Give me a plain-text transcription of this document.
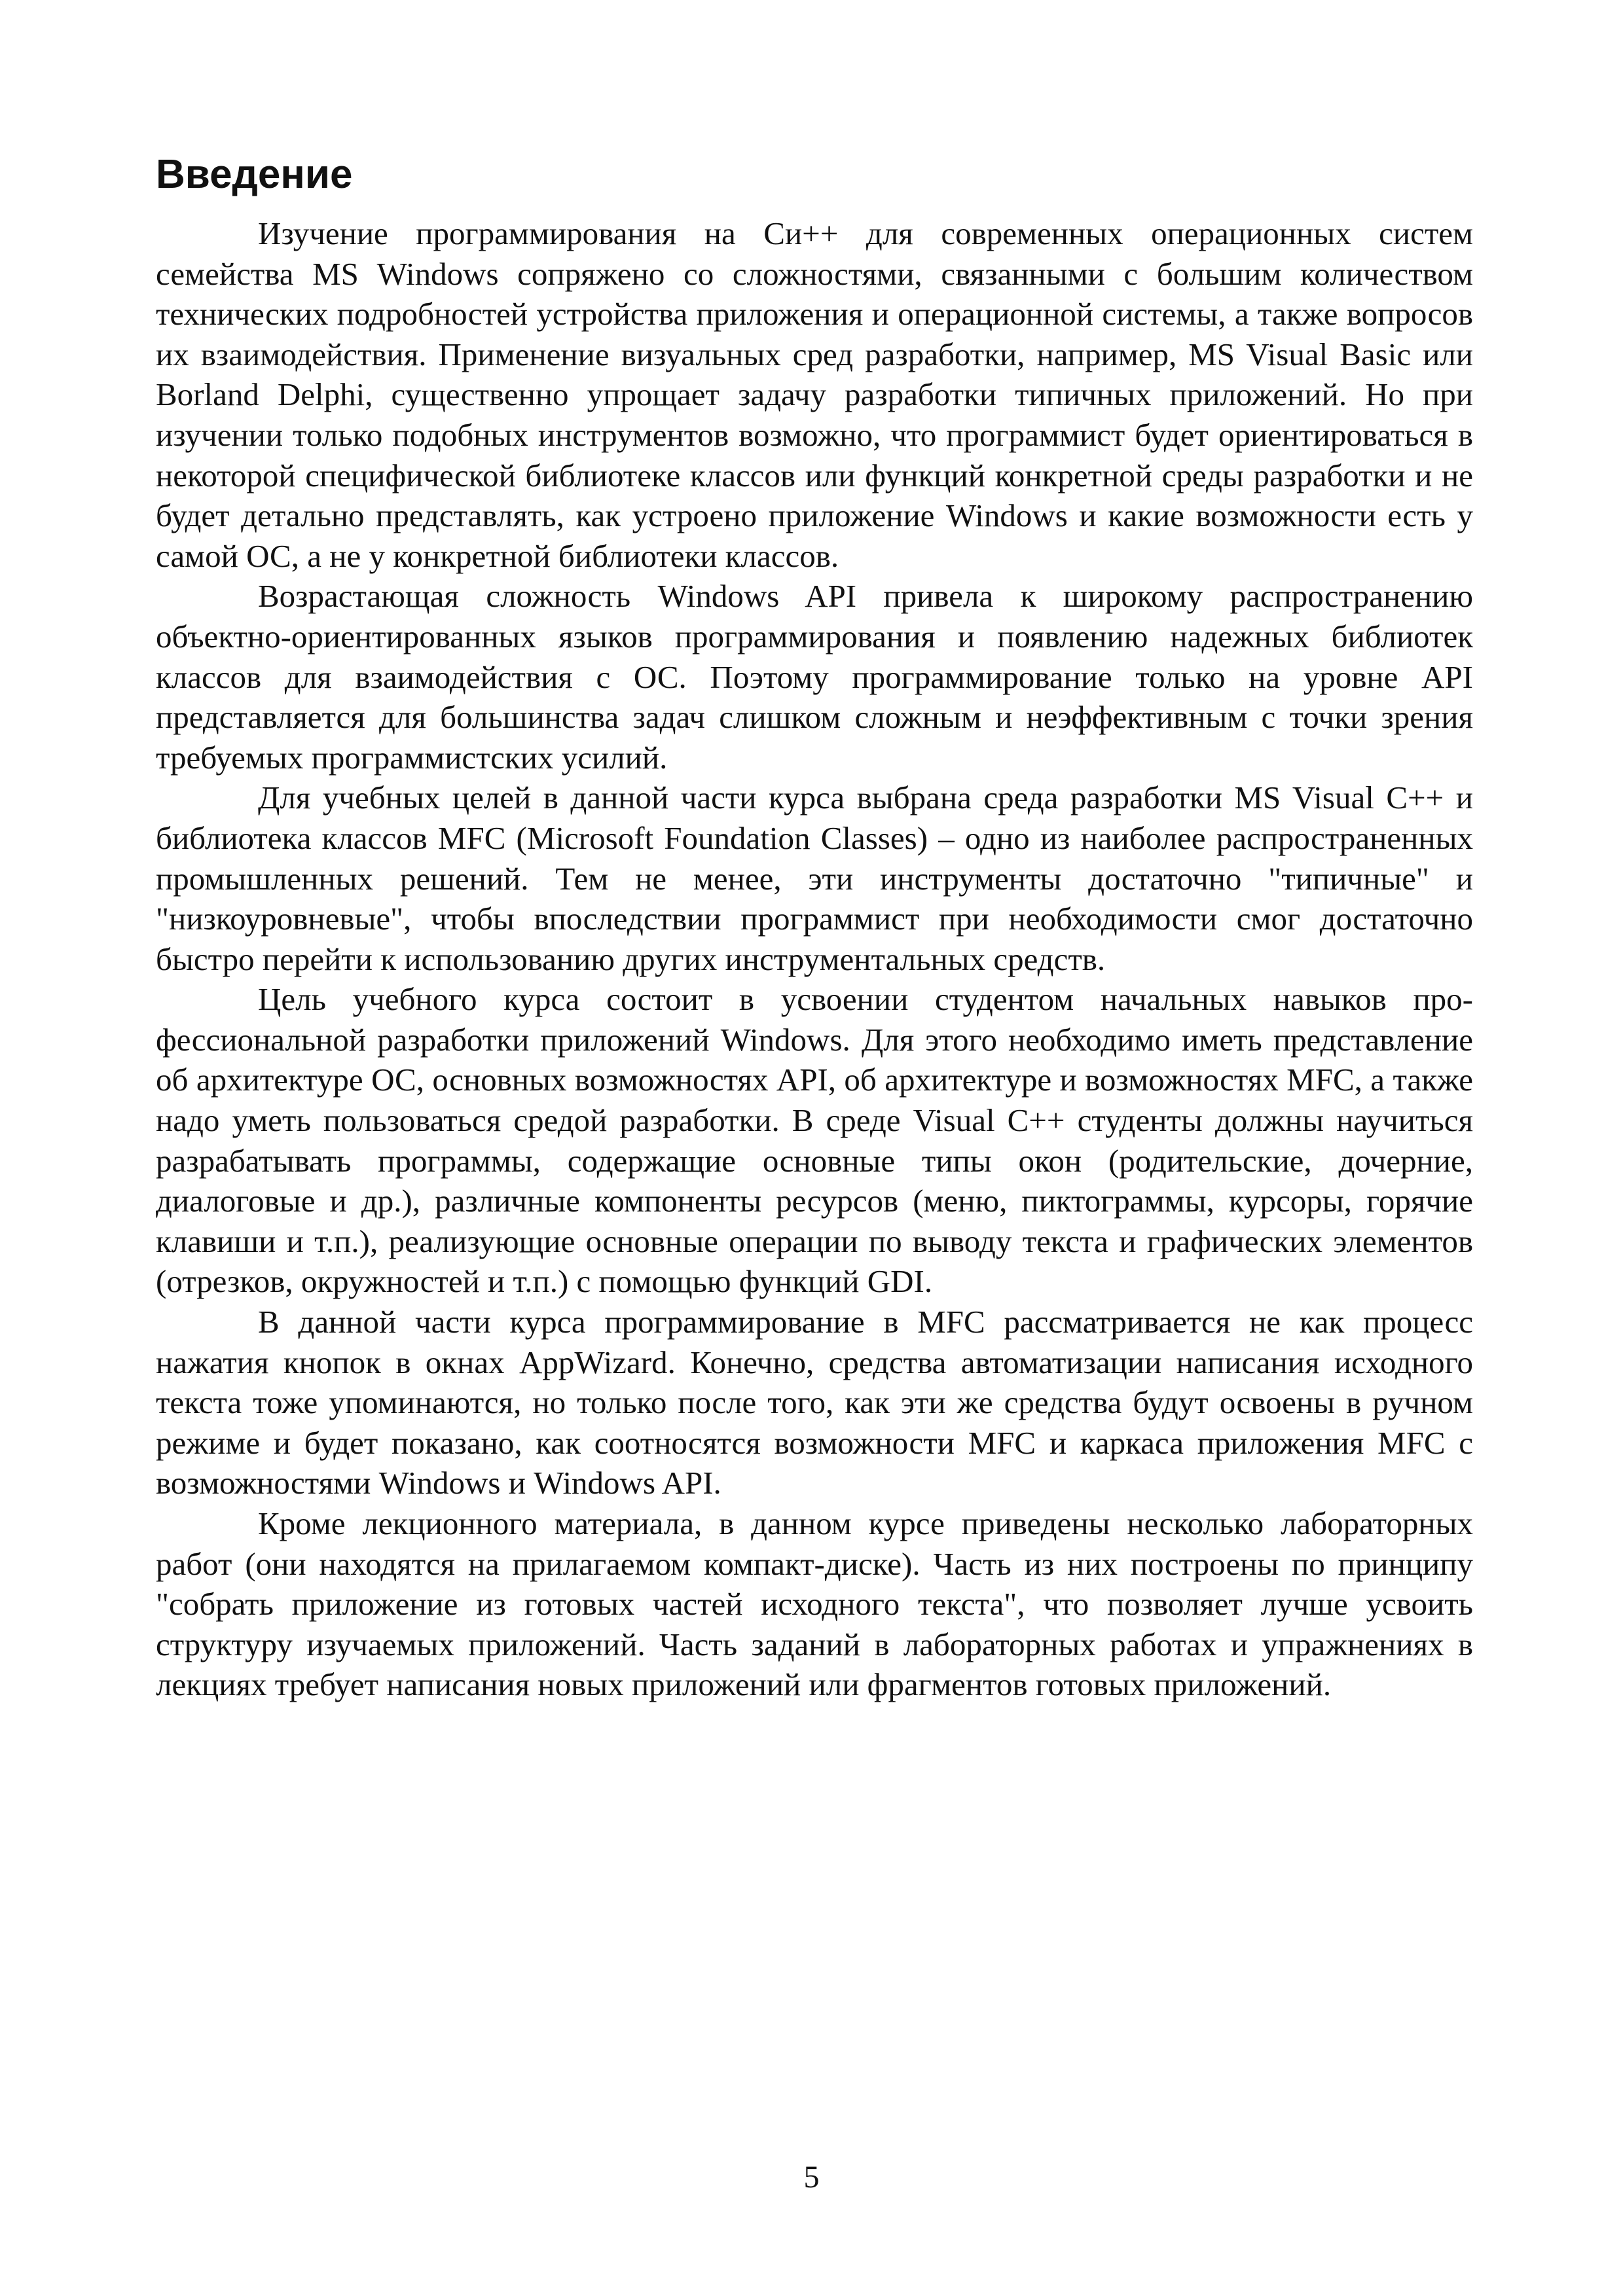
Введение

Изучение программирования на Си++ для современных операционных систем семейства MS Windows сопряжено со сложностями, связанными с большим количеством технических подробностей устройства приложения и операционной системы, а также вопросов их взаимодействия. Применение визуальных сред разработки, например, MS Visual Basic или Borland Delphi, существенно упрощает задачу разработки типичных приложений. Но при изучении только подобных инструментов возможно, что программист будет ориентироваться в некоторой специфической библиотеке классов или функций конкретной среды разработки и не будет детально представлять, как устроено приложение Windows и какие возможности есть у самой ОС, а не у конкретной библиотеки классов.

Возрастающая сложность Windows API привела к широкому распространению объектно-ориентированных языков программирования и появлению надежных библиотек классов для взаимодействия с ОС. Поэтому программирование только на уровне API представляется для большинства задач слишком сложным и неэффективным с точки зрения требуемых программистских усилий.

Для учебных целей в данной части курса выбрана среда разработки MS Visual C++ и библиотека классов MFC (Microsoft Foundation Classes) – одно из наиболее распространенных промышленных решений. Тем не менее, эти инструменты достаточно "типичные" и "низкоуровневые", чтобы впоследствии программист при необходимости смог достаточно быстро перейти к использованию других инструментальных средств.

Цель учебного курса состоит в усвоении студентом начальных навыков профессиональной разработки приложений Windows. Для этого необходимо иметь представление об архитектуре ОС, основных возможностях API, об архитектуре и возможностях MFC, а также надо уметь пользоваться средой разработки. В среде Visual C++ студенты должны научиться разрабатывать программы, содержащие основные типы окон (родительские, дочерние, диалоговые и др.), различные компоненты ресурсов (меню, пиктограммы, курсоры, горячие клавиши и т.п.), реализующие основные операции по выводу текста и графических элементов (отрезков, окружностей и т.п.) с помощью функций GDI.

В данной части курса программирование в MFC рассматривается не как процесс нажатия кнопок в окнах AppWizard. Конечно, средства автоматизации написания исходного текста тоже упоминаются, но только после того, как эти же средства будут освоены в ручном режиме и будет показано, как соотносятся возможности MFC и каркаса приложения MFC с возможностями Windows и Windows API.

Кроме лекционного материала, в данном курсе приведены несколько лабораторных работ (они находятся на прилагаемом компакт-диске). Часть из них построены по принципу "собрать приложение из готовых частей исходного текста", что позволяет лучше усвоить структуру изучаемых приложений. Часть заданий в лабораторных работах и упражнениях в лекциях требует написания новых приложений или фрагментов готовых приложений.

5
